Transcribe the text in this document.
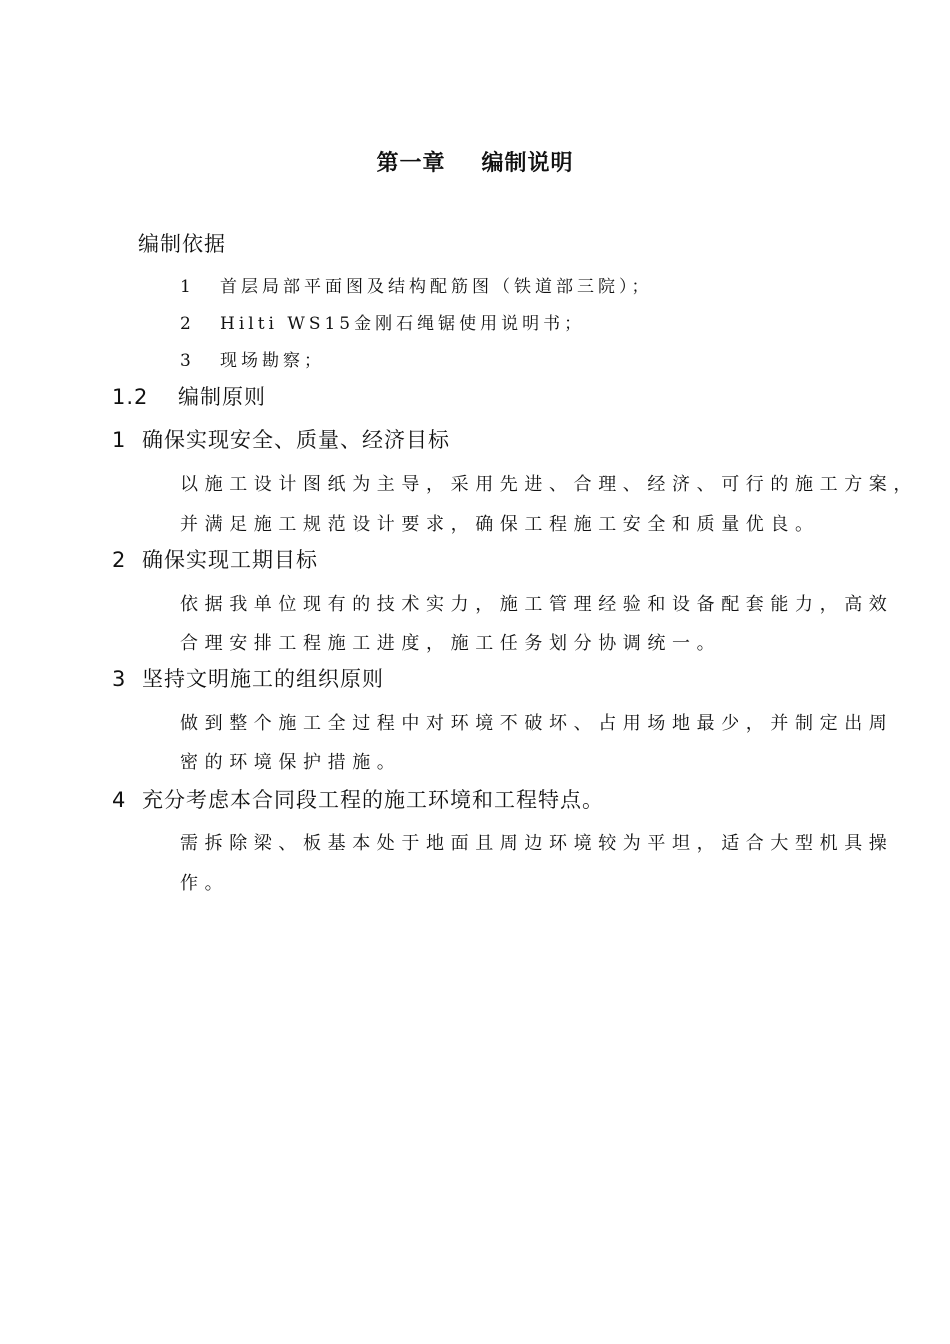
第一章 编制说明
编制依据
1 首层局部平面图及结构配筋图（铁道部三院）；
2 Hilti WS15金刚石绳锯使用说明书；
3 现场勘察；
1.2 编制原则
1 确保实现安全、质量、经济目标
以施工设计图纸为主导，采用先进、合理、经济、可行的施工方案，
并满足施工规范设计要求，确保工程施工安全和质量优良。
2 确保实现工期目标
依据我单位现有的技术实力，施工管理经验和设备配套能力，高效
合理安排工程施工进度，施工任务划分协调统一。
3 坚持文明施工的组织原则
做到整个施工全过程中对环境不破坏、占用场地最少，并制定出周
密的环境保护措施。
4 充分考虑本合同段工程的施工环境和工程特点。
需拆除梁、板基本处于地面且周边环境较为平坦，适合大型机具操
作。
